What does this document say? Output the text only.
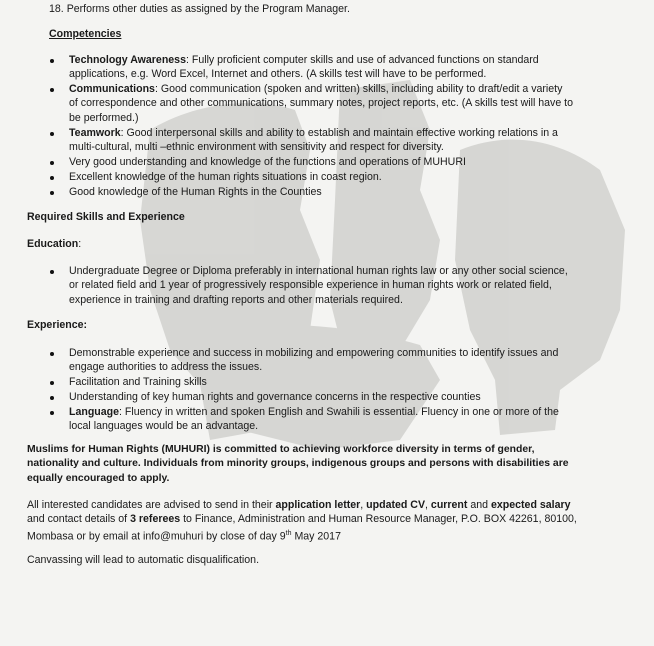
18. Performs other duties as assigned by the Program Manager.
Competencies
Technology Awareness: Fully proficient computer skills and use of advanced functions on standard
applications, e.g. Word Excel, Internet and others. (A skills test will have to be performed.
Communications: Good communication (spoken and written) skills, including ability to draft/edit a variety
of correspondence and other communications, summary notes, project reports, etc. (A skills test will have to
be performed.)
Teamwork: Good interpersonal skills and ability to establish and maintain effective working relations in a
multi-cultural, multi –ethnic environment with sensitivity and respect for diversity.
Very good understanding and knowledge of the functions and operations of MUHURI
Excellent knowledge of the human rights situations in coast region.
Good knowledge of the Human Rights in the Counties
Required Skills and Experience
Education:
Undergraduate Degree or Diploma preferably in international human rights law or any other social science,
or related field and 1 year of progressively responsible experience in human rights work or related field,
experience in training and drafting reports and other materials required.
Experience:
Demonstrable experience and success in mobilizing and empowering communities to identify issues and
engage authorities to address the issues.
Facilitation and Training skills
Understanding of key human rights and governance concerns in the respective counties
Language: Fluency in written and spoken English and Swahili is essential. Fluency in one or more of the
local languages would be an advantage.
Muslims for Human Rights (MUHURI) is committed to achieving workforce diversity in terms of gender,
nationality and culture. Individuals from minority groups, indigenous groups and persons with disabilities are
equally encouraged to apply.
All interested candidates are advised to send in their application letter, updated CV, current and expected salary
and contact details of 3 referees to Finance, Administration and Human Resource Manager, P.O. BOX 42261, 80100,
Mombasa or by email at info@muhuri by close of day 9th May 2017
Canvassing will lead to automatic disqualification.
